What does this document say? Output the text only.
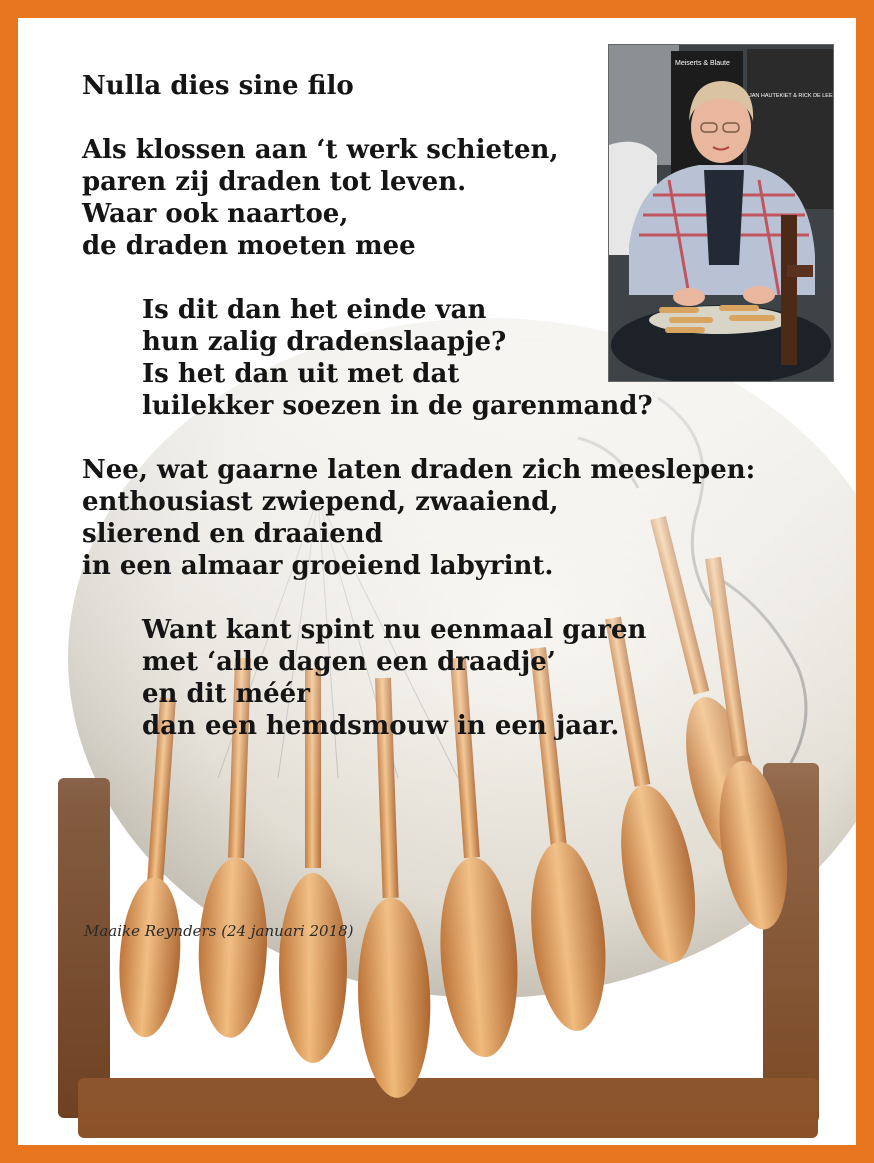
Nulla dies sine filo
Als klossen aan ‘t werk schieten,
paren zij draden tot leven.
Waar ook naartoe,
de draden moeten mee
Is dit dan het einde van
hun zalig dradenslaapje?
Is het dan uit met dat
luilekker soezen in de garenmand?
Nee, wat gaarne laten draden zich meeslepen:
enthousiast zwiepend, zwaaiend,
slierend en draaiend
in een almaar groeiend labyrint.
Want kant spint nu eenmaal garen
met ‘alle dagen een draadje’
en dit méér
dan een hemdsmouw in een jaar.
Maaike Reynders (24 januari 2018)
Meiserts & Blaute
JAN HAUTEKIET & RICK DE LEE
